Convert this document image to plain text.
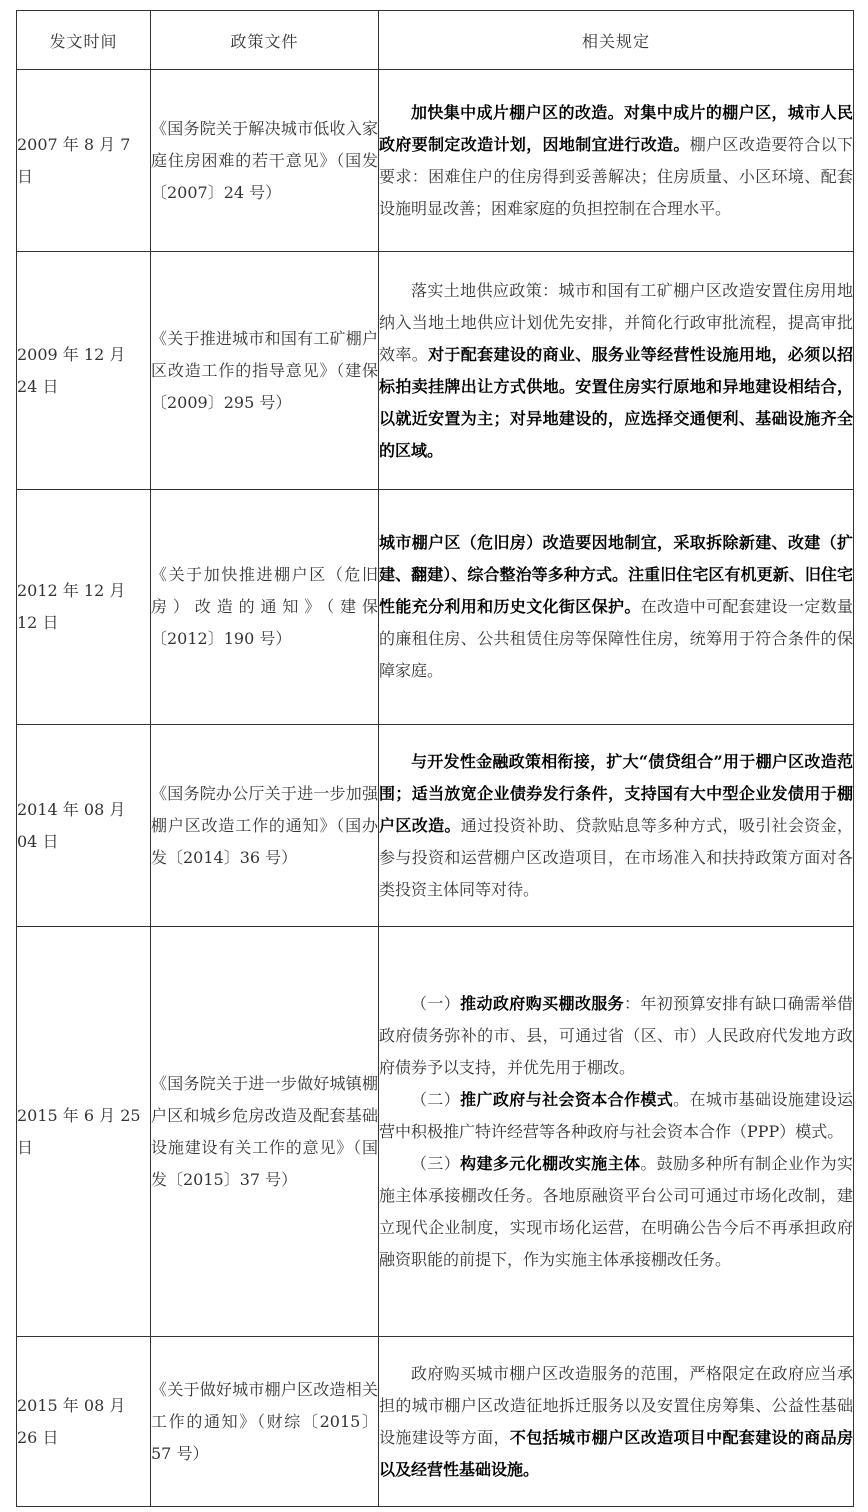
发文时间	政策文件	相关规定
2007 年 8 月 7 日	《国务院关于解决城市低收入家庭住房困难的若干意见》（国发〔2007〕24 号）	加快集中成片棚户区的改造。对集中成片的棚户区，城市人民政府要制定改造计划，因地制宜进行改造。棚户区改造要符合以下要求：困难住户的住房得到妥善解决；住房质量、小区环境、配套设施明显改善；困难家庭的负担控制在合理水平。

2009 年 12 月 24 日	《关于推进城市和国有工矿棚户区改造工作的指导意见》（建保〔2009〕295 号）	落实土地供应政策：城市和国有工矿棚户区改造安置住房用地纳入当地土地供应计划优先安排，并简化行政审批流程，提高审批效率。对于配套建设的商业、服务业等经营性设施用地，必须以招标拍卖挂牌出让方式供地。安置住房实行原地和异地建设相结合，以就近安置为主；对异地建设的，应选择交通便利、基础设施齐全的区域。

2012 年 12 月 12 日	《关于加快推进棚户区（危旧房）改造的通知》（建保〔2012〕190 号）	城市棚户区（危旧房）改造要因地制宜，采取拆除新建、改建（扩建、翻建）、综合整治等多种方式。注重旧住宅区有机更新、旧住宅性能充分利用和历史文化街区保护。在改造中可配套建设一定数量的廉租住房、公共租赁住房等保障性住房，统筹用于符合条件的保障家庭。

2014 年 08 月 04 日	《国务院办公厅关于进一步加强棚户区改造工作的通知》（国办发〔2014〕36 号）	与开发性金融政策相衔接，扩大“债贷组合”用于棚户区改造范围；适当放宽企业债券发行条件，支持国有大中型企业发债用于棚户区改造。通过投资补助、贷款贴息等多种方式，吸引社会资金，参与投资和运营棚户区改造项目，在市场准入和扶持政策方面对各类投资主体同等对待。

2015 年 6 月 25 日	《国务院关于进一步做好城镇棚户区和城乡危房改造及配套基础设施建设有关工作的意见》（国发〔2015〕37 号）	（一）推动政府购买棚改服务：年初预算安排有缺口确需举借政府债务弥补的市、县，可通过省（区、市）人民政府代发地方政府债券予以支持，并优先用于棚改。

（二）推广政府与社会资本合作模式。在城市基础设施建设运营中积极推广特许经营等各种政府与社会资本合作（PPP）模式。

（三）构建多元化棚改实施主体。鼓励多种所有制企业作为实施主体承接棚改任务。各地原融资平台公司可通过市场化改制，建立现代企业制度，实现市场化运营，在明确公告今后不再承担政府融资职能的前提下，作为实施主体承接棚改任务。

2015 年 08 月 26 日	《关于做好城市棚户区改造相关工作的通知》（财综〔2015〕57 号）	政府购买城市棚户区改造服务的范围，严格限定在政府应当承担的城市棚户区改造征地拆迁服务以及安置住房筹集、公益性基础设施建设等方面，不包括城市棚户区改造项目中配套建设的商品房以及经营性基础设施。
